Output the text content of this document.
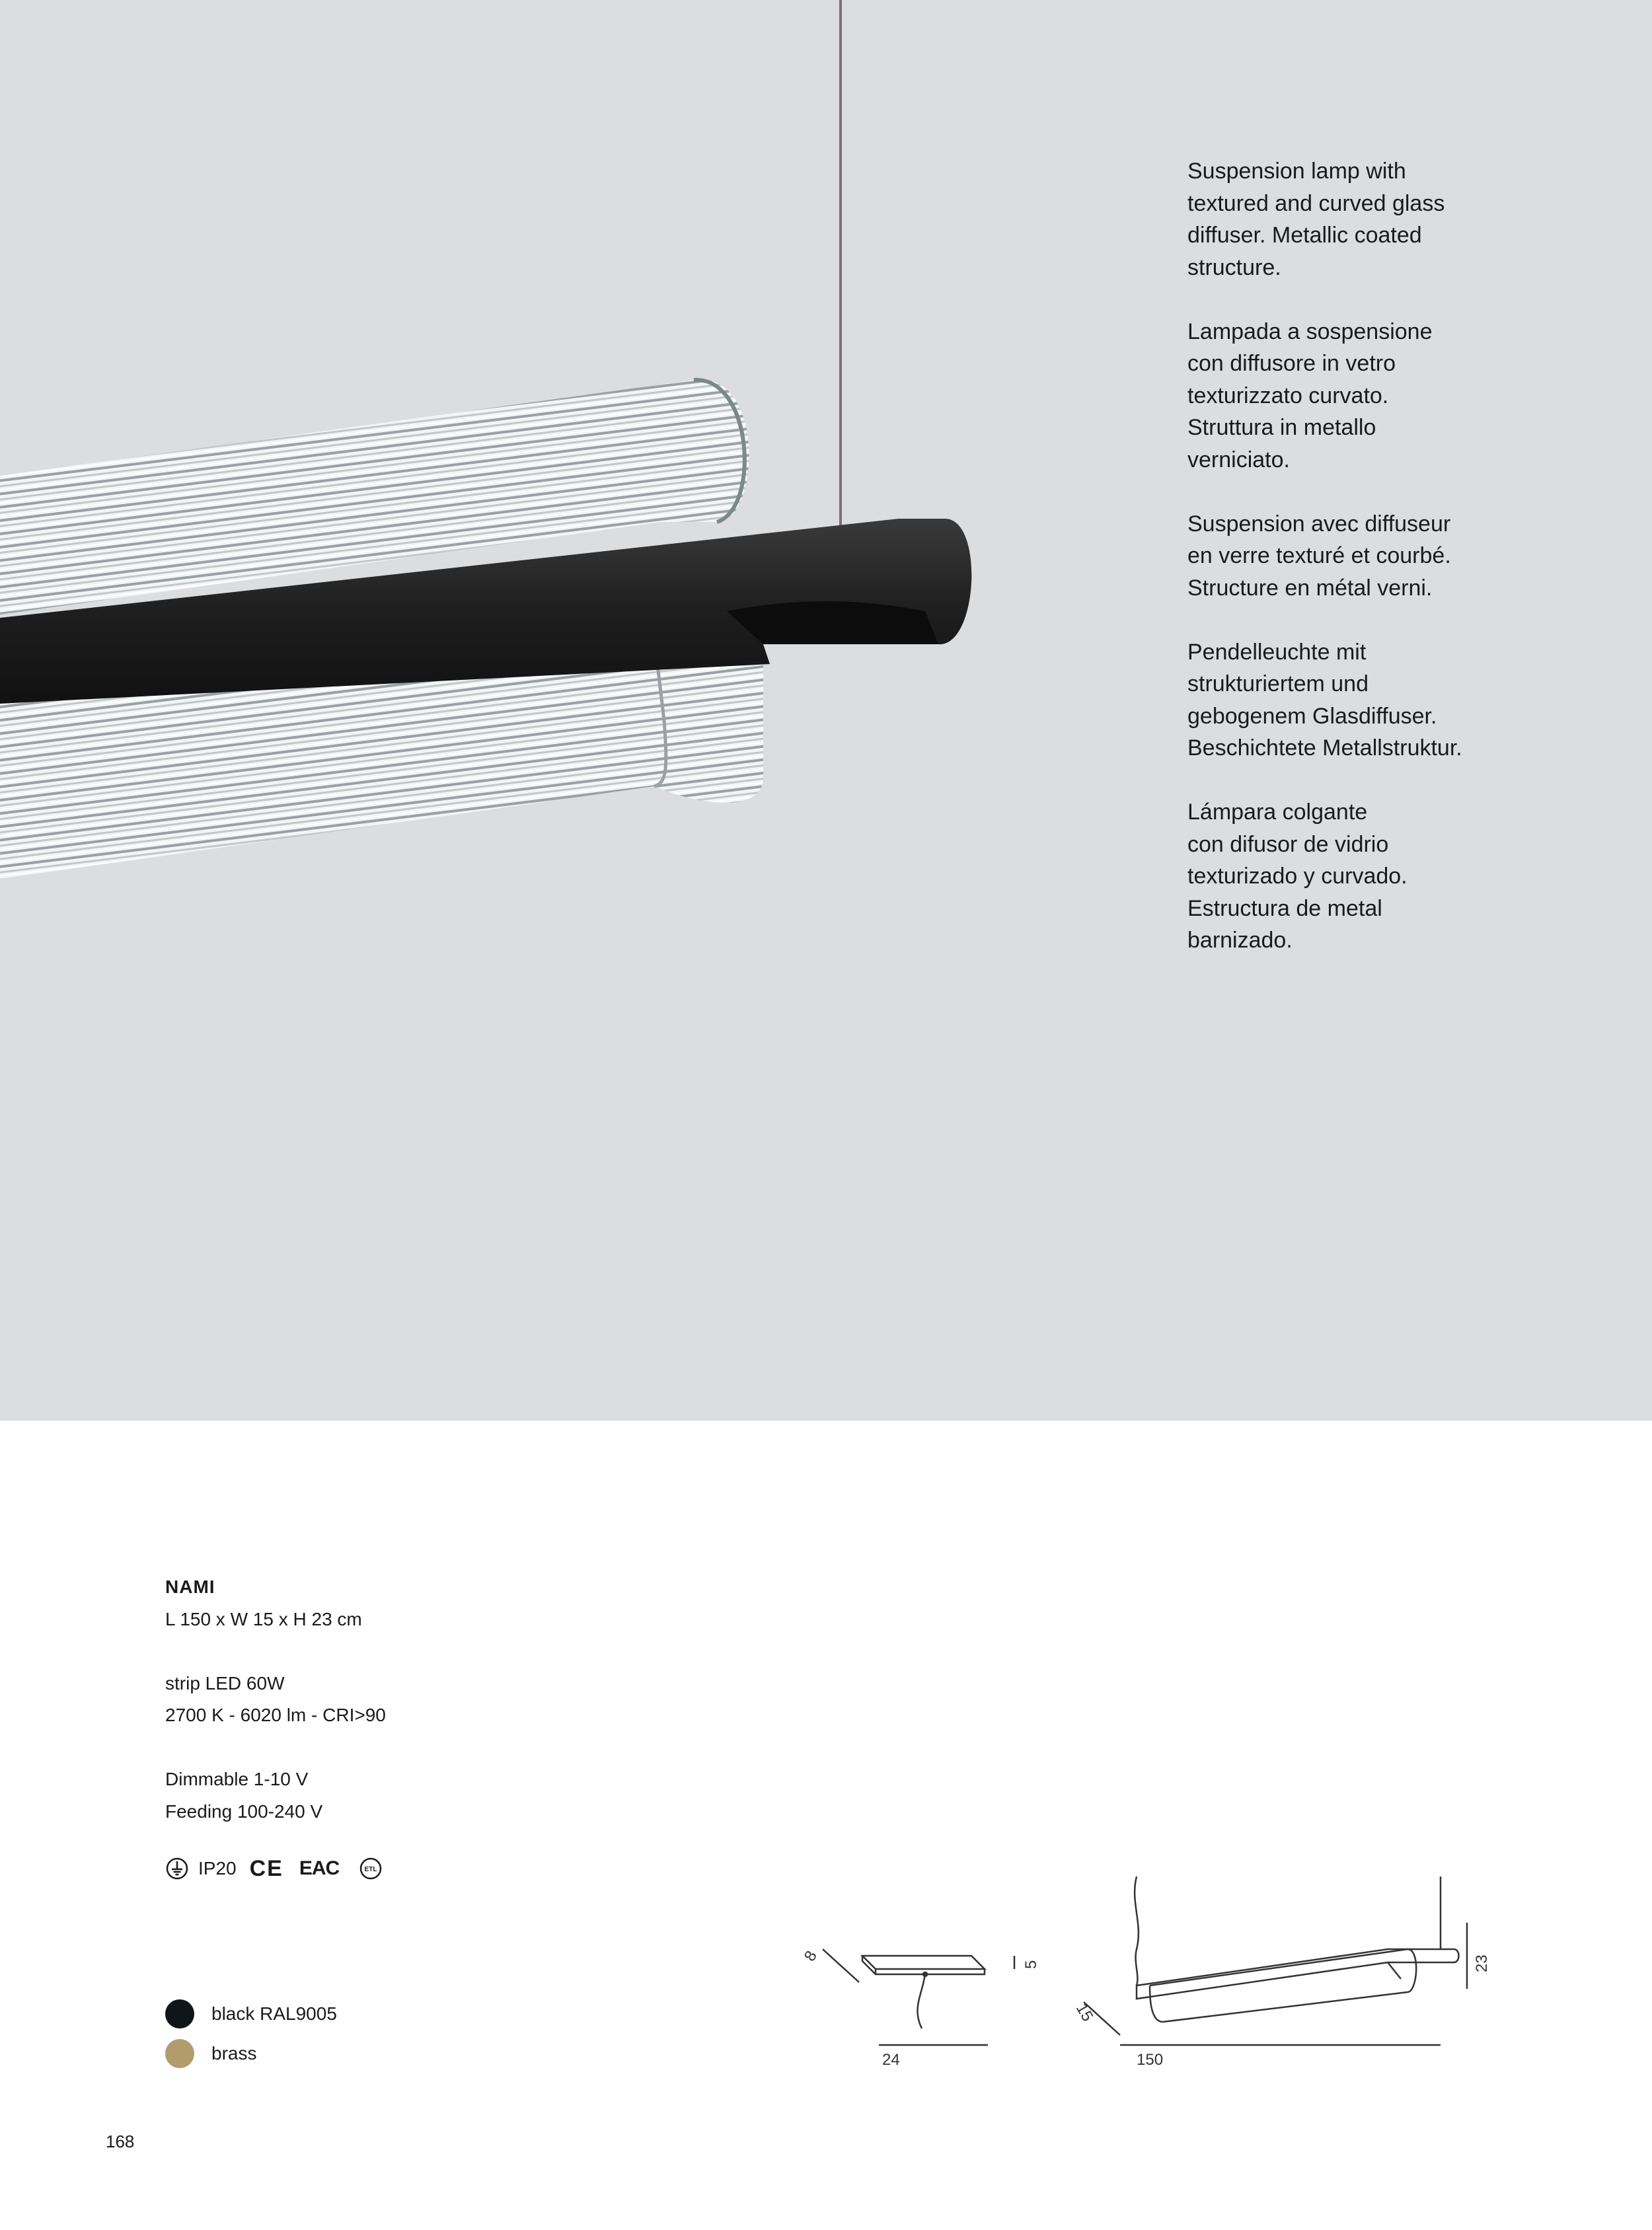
Suspension lamp with
textured and curved glass
diffuser. Metallic coated
structure.

Lampada a sospensione
con diffusore in vetro
texturizzato curvato.
Struttura in metallo
verniciato.

Suspension avec diffuseur
en verre texturé et courbé.
Structure en métal verni.

Pendelleuchte mit
strukturiertem und
gebogenem Glasdiffuser.
Beschichtete Metallstruktur.

Lámpara colgante
con difusor de vidrio
texturizado y curvado.
Estructura de metal
barnizado.

NAMI
L 150 x W 15 x H 23 cm
strip LED 60W
2700 K - 6020 lm - CRI>90
Dimmable 1-10 V
Feeding 100-240 V
IP20 CE EAC	ETL
black RAL9005
brass
8
5
24
15
23
150
168
